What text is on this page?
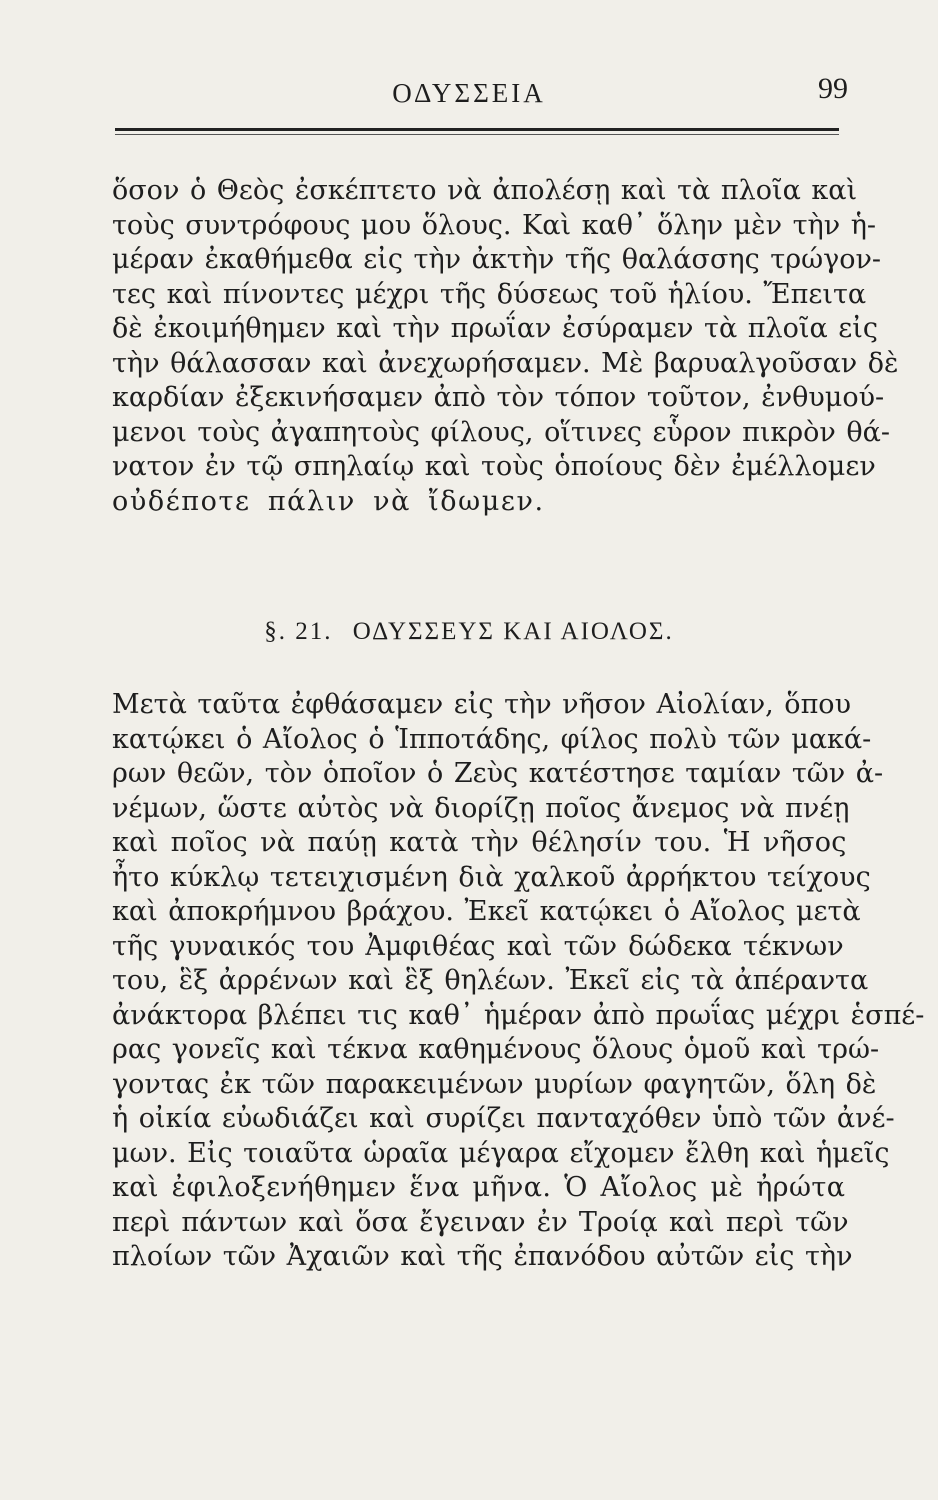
ΟΔΥΣΣΕΙΑ	99
ὅσον ὁ Θεὸς ἐσκέπτετο νὰ ἀπολέσῃ καὶ τὰ πλοῖα καὶ
τοὺς συντρόφους μου ὅλους. Καὶ καθ᾿ ὅλην μὲν τὴν ἡ-
μέραν ἐκαθήμεθα εἰς τὴν ἀκτὴν τῆς θαλάσσης τρώγον-
τες καὶ πίνοντες μέχρι τῆς δύσεως τοῦ ἡλίου. Ἔπειτα
δὲ ἐκοιμήθημεν καὶ τὴν πρωΐαν ἐσύραμεν τὰ πλοῖα εἰς
τὴν θάλασσαν καὶ ἀνεχωρήσαμεν. Μὲ βαρυαλγοῦσαν δὲ
καρδίαν ἐξεκινήσαμεν ἀπὸ τὸν τόπον τοῦτον, ἐνθυμού-
μενοι τοὺς ἀγαπητοὺς φίλους, οἵτινες εὗρον πικρὸν θά-
νατον ἐν τῷ σπηλαίῳ καὶ τοὺς ὁποίους δὲν ἐμέλλομεν
οὐδέποτε πάλιν νὰ ἴδωμεν.
§. 21. ΟΔΥΣΣΕΥΣ ΚΑΙ ΑΙΟΛΟΣ.
Μετὰ ταῦτα ἐφθάσαμεν εἰς τὴν νῆσον Αἰολίαν, ὅπου
κατῴκει ὁ Αἴολος ὁ Ἱπποτάδης, φίλος πολὺ τῶν μακά-
ρων θεῶν, τὸν ὁποῖον ὁ Ζεὺς κατέστησε ταμίαν τῶν ἀ-
νέμων, ὥστε αὐτὸς νὰ διορίζῃ ποῖος ἄνεμος νὰ πνέῃ
καὶ ποῖος νὰ παύῃ κατὰ τὴν θέλησίν του. Ἡ νῆσος
ἦτο κύκλῳ τετειχισμένη διὰ χαλκοῦ ἀρρήκτου τείχους
καὶ ἀποκρήμνου βράχου. Ἐκεῖ κατῴκει ὁ Αἴολος μετὰ
τῆς γυναικός του Ἀμφιθέας καὶ τῶν δώδεκα τέκνων
του, ἓξ ἀρρένων καὶ ἓξ θηλέων. Ἐκεῖ εἰς τὰ ἀπέραντα
ἀνάκτορα βλέπει τις καθ᾿ ἡμέραν ἀπὸ πρωΐας μέχρι ἑσπέ-
ρας γονεῖς καὶ τέκνα καθημένους ὅλους ὁμοῦ καὶ τρώ-
γοντας ἐκ τῶν παρακειμένων μυρίων φαγητῶν, ὅλη δὲ
ἡ οἰκία εὐωδιάζει καὶ συρίζει πανταχόθεν ὑπὸ τῶν ἀνέ-
μων. Εἰς τοιαῦτα ὡραῖα μέγαρα εἴχομεν ἔλθη καὶ ἡμεῖς
καὶ ἐφιλοξενήθημεν ἕνα μῆνα. Ὁ Αἴολος μὲ ἠρώτα
περὶ πάντων καὶ ὅσα ἔγειναν ἐν Τροίᾳ καὶ περὶ τῶν
πλοίων τῶν Ἀχαιῶν καὶ τῆς ἐπανόδου αὐτῶν εἰς τὴν
